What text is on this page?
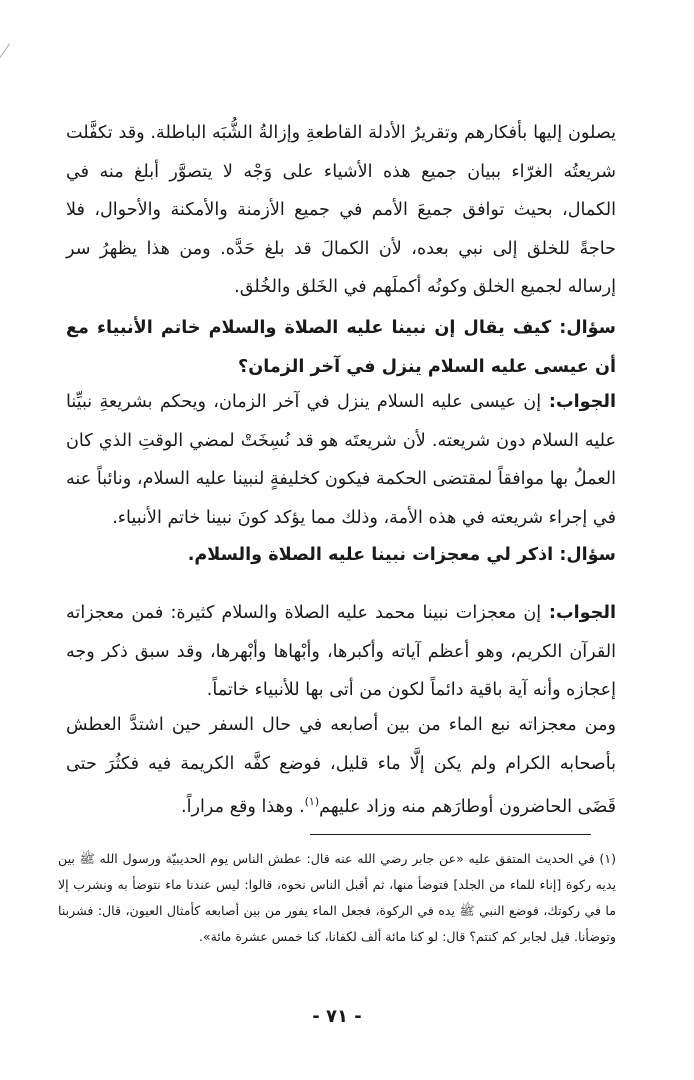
يصلون إليها بأفكارهم وتقريرُ الأدلة القاطعةِ وإزالةُ الشُّبَه الباطلة. وقد تكفَّلت شريعتُه الغرّاء ببيان جميع هذه الأشياء على وَجْه لا يتصوَّر أبلغ منه في الكمال، بحيث توافق جميعَ الأمم في جميع الأزمنة والأمكنة والأحوال، فلا حاجةً للخلق إلى نبي بعده، لأن الكمالَ قد بلغ حَدَّه. ومن هذا يظهرُ سر إرساله لجميع الخلق وكونُه أكملَهم في الخَلق والخُلق.

س‍ؤال: كيف يقال إن نبينا عليه الصلاة والسلام خاتم الأنبياء مع أن عيسى عليه السلام ينزل في آخر الزمان؟

الجواب: إن عيسى عليه السلام ينزل في آخر الزمان، ويحكم بشريعةِ نبيِّنا عليه السلام دون شريعته. لأن شريعتَه هو قد نُسِخَتْ لمضي الوقتِ الذي كان العملُ بها موافقاً لمقتضى الحكمة فيكون كخليفةٍ لنبينا عليه السلام، ونائباً عنه في إجراء شريعته في هذه الأمة، وذلك مما يؤكد كونَ نبينا خاتم الأنبياء.

س‍ؤال: اذكر لي معجزات نبينا عليه الصلاة والسلام.

الجواب: إن معجزات نبينا محمد عليه الصلاة والسلام كثيرة: فمن معجزاته القرآن الكريم، وهو أعظم آياته وأكبرها، وأبْهاها وأبْهرها، وقد سبق ذكر وجه إعجازه وأنه آية باقية دائماً لكون من أتى بها للأنبياء خاتماً.

ومن معجزاته نبع الماء من بين أصابعه في حال السفر حين اشتدَّ العطش بأصحابه الكرام ولم يكن إلَّا ماء قليل، فوضع كفَّه الكريمة فيه فكثُرَ حتى قَضَى الحاضرون أوطارَهم منه وزاد عليهم$^{(١)}$. وهذا وقع مراراً.

(١) في الحديث المتفق عليه «عن جابر رضي الله عنه قال: عطش الناس يوم الحديبيّة ورسول الله ﷺ بين يديه ركوة [إناء للماء من الجلد] فتوضأ منها، ثم أقبل الناس نحوه، قالوا: ليس عندنا ماء نتوضأ به ونشرب إلا ما في ركوتك، فوضع النبي ﷺ يده في الركوة، فجعل الماء يفور من بين أصابعه كأمثال العيون، قال: فشربنا وتوضأنا. قيل لجابر كم كنتم؟ قال: لو كنا مائة ألف لكفانا، كنا خمس عشرة مائة».

- ٧١ -
